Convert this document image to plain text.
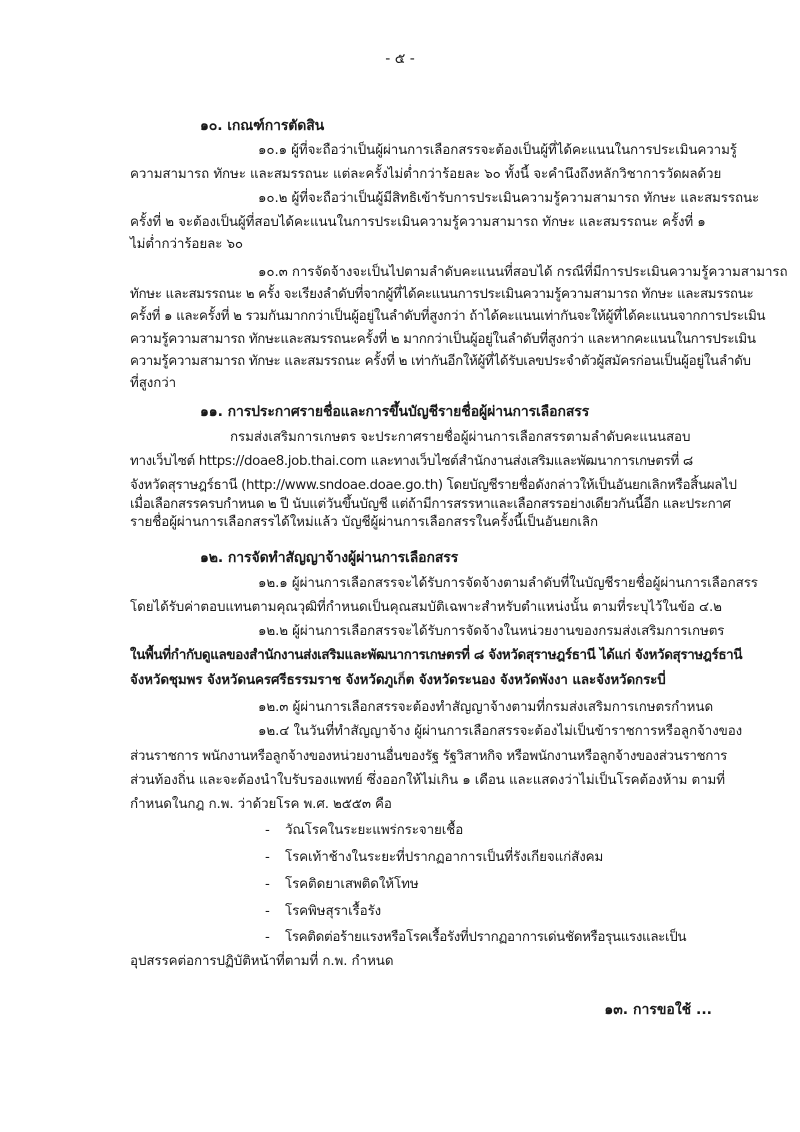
- ๕ -
๑๐. เกณฑ์การตัดสิน
๑๐.๑ ผู้ที่จะถือว่าเป็นผู้ผ่านการเลือกสรรจะต้องเป็นผู้ที่ได้คะแนนในการประเมินความรู้
ความสามารถ ทักษะ และสมรรถนะ แต่ละครั้งไม่ต่ำกว่าร้อยละ ๖๐ ทั้งนี้ จะคำนึงถึงหลักวิชาการวัดผลด้วย
๑๐.๒ ผู้ที่จะถือว่าเป็นผู้มีสิทธิเข้ารับการประเมินความรู้ความสามารถ ทักษะ และสมรรถนะ
ครั้งที่ ๒ จะต้องเป็นผู้ที่สอบได้คะแนนในการประเมินความรู้ความสามารถ ทักษะ และสมรรถนะ ครั้งที่ ๑
ไม่ต่ำกว่าร้อยละ ๖๐
๑๐.๓ การจัดจ้างจะเป็นไปตามลำดับคะแนนที่สอบได้ กรณีที่มีการประเมินความรู้ความสามารถ
ทักษะ และสมรรถนะ ๒ ครั้ง จะเรียงลำดับที่จากผู้ที่ได้คะแนนการประเมินความรู้ความสามารถ ทักษะ และสมรรถนะ
ครั้งที่ ๑ และครั้งที่ ๒ รวมกันมากกว่าเป็นผู้อยู่ในลำดับที่สูงกว่า ถ้าได้คะแนนเท่ากันจะให้ผู้ที่ได้คะแนนจากการประเมิน
ความรู้ความสามารถ ทักษะและสมรรถนะครั้งที่ ๒ มากกว่าเป็นผู้อยู่ในลำดับที่สูงกว่า และหากคะแนนในการประเมิน
ความรู้ความสามารถ ทักษะ และสมรรถนะ ครั้งที่ ๒ เท่ากันอีกให้ผู้ที่ได้รับเลขประจำตัวผู้สมัครก่อนเป็นผู้อยู่ในลำดับ
ที่สูงกว่า
๑๑. การประกาศรายชื่อและการขึ้นบัญชีรายชื่อผู้ผ่านการเลือกสรร
กรมส่งเสริมการเกษตร จะประกาศรายชื่อผู้ผ่านการเลือกสรรตามลำดับคะแนนสอบ
ทางเว็บไซต์ https://doae8.job.thai.com และทางเว็บไซต์สำนักงานส่งเสริมและพัฒนาการเกษตรที่ ๘
จังหวัดสุราษฎร์ธานี (http://www.sndoae.doae.go.th) โดยบัญชีรายชื่อดังกล่าวให้เป็นอันยกเลิกหรือสิ้นผลไป
เมื่อเลือกสรรครบกำหนด ๒ ปี นับแต่วันขึ้นบัญชี แต่ถ้ามีการสรรหาและเลือกสรรอย่างเดียวกันนี้อีก และประกาศ
รายชื่อผู้ผ่านการเลือกสรรได้ใหม่แล้ว บัญชีผู้ผ่านการเลือกสรรในครั้งนี้เป็นอันยกเลิก
๑๒. การจัดทำสัญญาจ้างผู้ผ่านการเลือกสรร
๑๒.๑ ผู้ผ่านการเลือกสรรจะได้รับการจัดจ้างตามลำดับที่ในบัญชีรายชื่อผู้ผ่านการเลือกสรร
โดยได้รับค่าตอบแทนตามคุณวุฒิที่กำหนดเป็นคุณสมบัติเฉพาะสำหรับตำแหน่งนั้น ตามที่ระบุไว้ในข้อ ๔.๒
๑๒.๒ ผู้ผ่านการเลือกสรรจะได้รับการจัดจ้างในหน่วยงานของกรมส่งเสริมการเกษตร
ในพื้นที่กำกับดูแลของสำนักงานส่งเสริมและพัฒนาการเกษตรที่ ๘ จังหวัดสุราษฎร์ธานี ได้แก่ จังหวัดสุราษฎร์ธานี
จังหวัดชุมพร จังหวัดนครศรีธรรมราช จังหวัดภูเก็ต จังหวัดระนอง จังหวัดพังงา และจังหวัดกระบี่
๑๒.๓ ผู้ผ่านการเลือกสรรจะต้องทำสัญญาจ้างตามที่กรมส่งเสริมการเกษตรกำหนด
๑๒.๔ ในวันที่ทำสัญญาจ้าง ผู้ผ่านการเลือกสรรจะต้องไม่เป็นข้าราชการหรือลูกจ้างของ
ส่วนราชการ พนักงานหรือลูกจ้างของหน่วยงานอื่นของรัฐ รัฐวิสาหกิจ หรือพนักงานหรือลูกจ้างของส่วนราชการ
ส่วนท้องถิ่น และจะต้องนำใบรับรองแพทย์ ซึ่งออกให้ไม่เกิน ๑ เดือน และแสดงว่าไม่เป็นโรคต้องห้าม ตามที่
กำหนดในกฎ ก.พ. ว่าด้วยโรค พ.ศ. ๒๕๕๓ คือ
- วัณโรคในระยะแพร่กระจายเชื้อ
- โรคเท้าช้างในระยะที่ปรากฏอาการเป็นที่รังเกียจแก่สังคม
- โรคติดยาเสพติดให้โทษ
- โรคพิษสุราเรื้อรัง
- โรคติดต่อร้ายแรงหรือโรคเรื้อรังที่ปรากฏอาการเด่นชัดหรือรุนแรงและเป็น
อุปสรรคต่อการปฏิบัติหน้าที่ตามที่ ก.พ. กำหนด
๑๓. การขอใช้ ...
